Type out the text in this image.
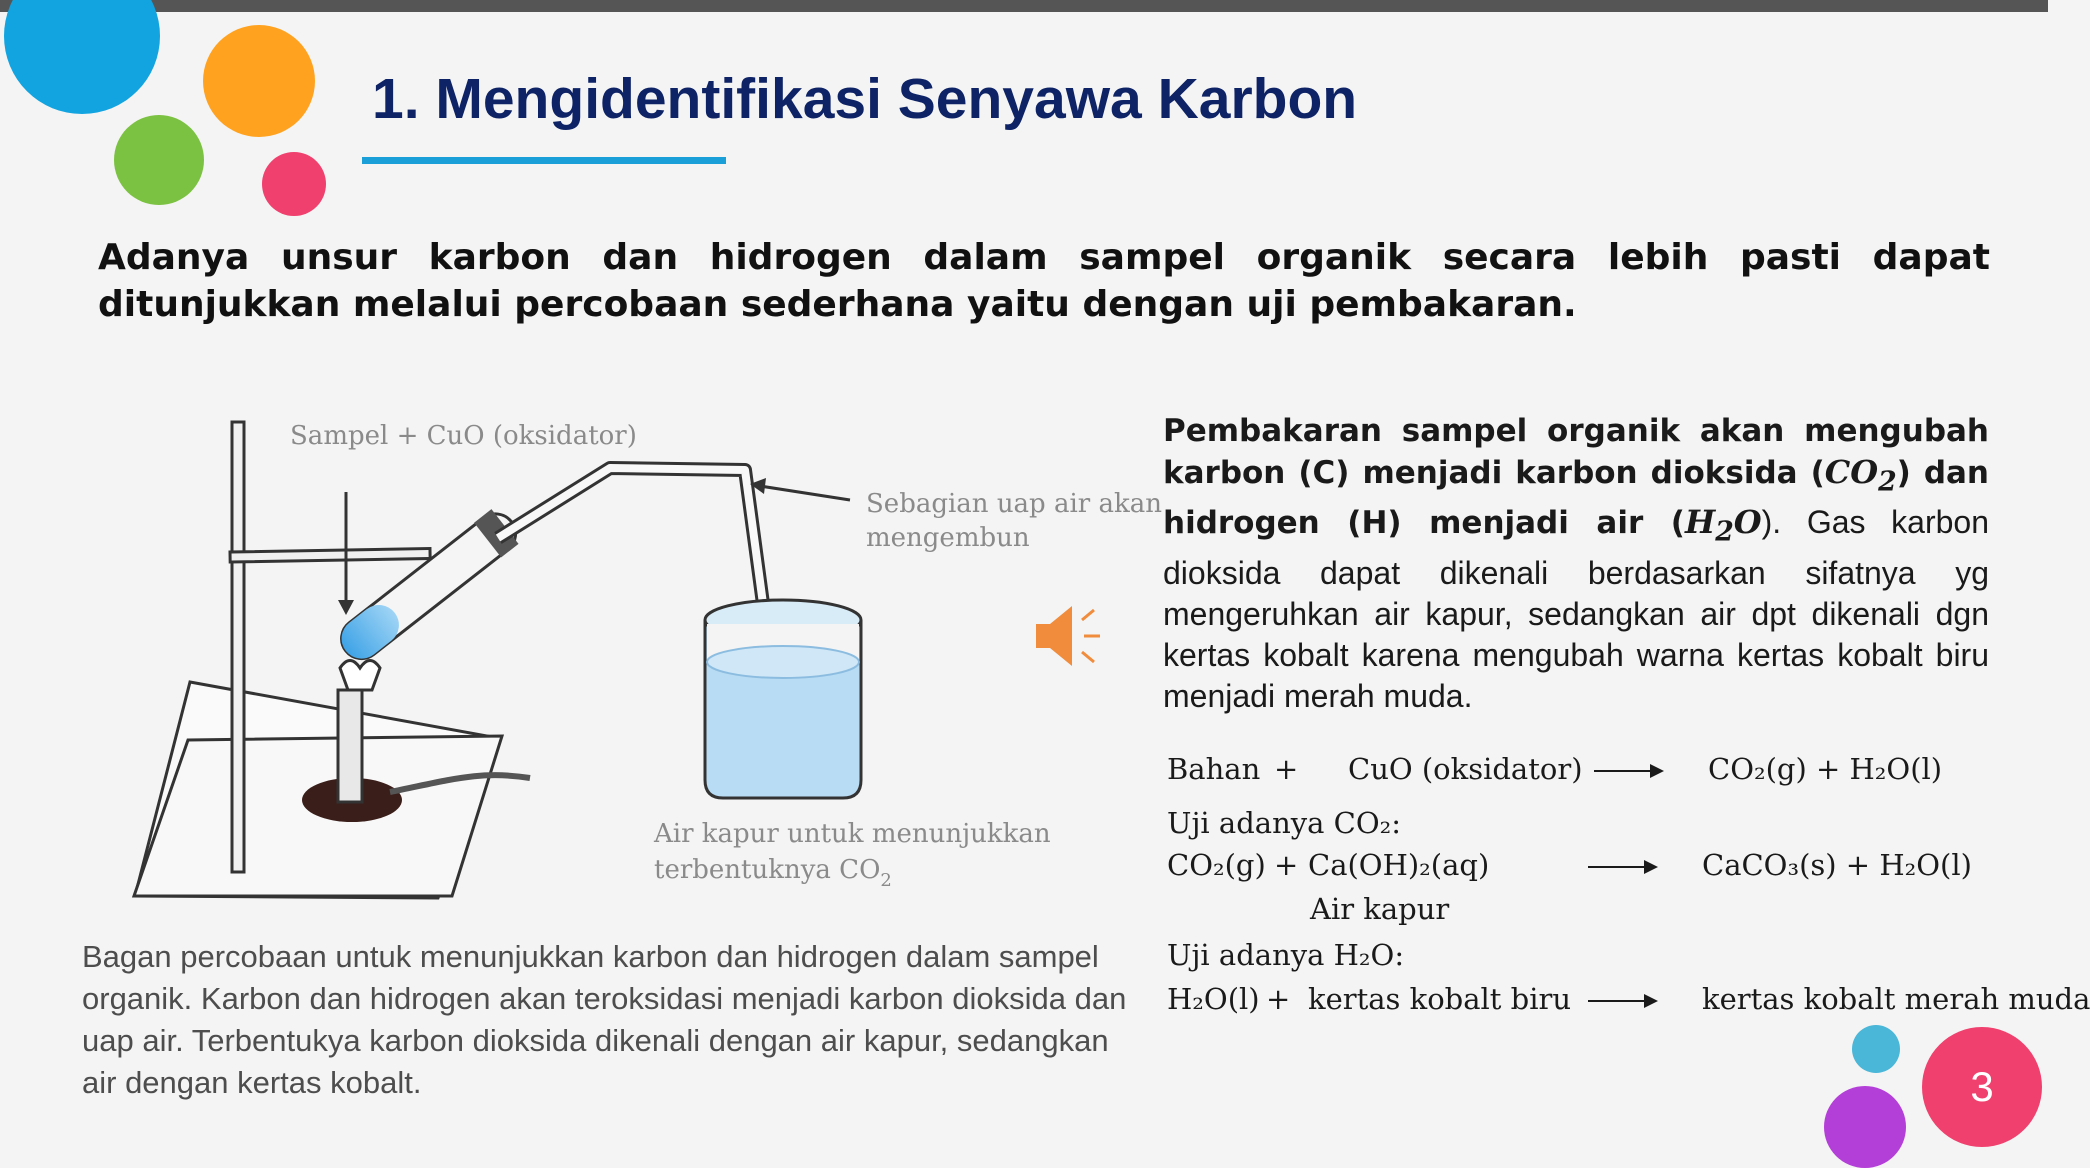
1. Mengidentifikasi Senyawa Karbon
Adanya unsur karbon dan hidrogen dalam sampel organik secara lebih pasti dapat ditunjukkan melalui percobaan sederhana yaitu dengan uji pembakaran.
Sampel + CuO (oksidator)
Sebagian uap air akan
mengembun
Air kapur untuk menunjukkan
terbentuknya $CO_2$
Bagan percobaan untuk menunjukkan karbon dan hidrogen dalam sampel organik. Karbon dan hidrogen akan teroksidasi menjadi karbon dioksida dan uap air. Terbentukya karbon dioksida dikenali dengan air kapur, sedangkan air dengan kertas kobalt.
Pembakaran sampel organik akan mengubah karbon (C) menjadi karbon dioksida $(CO_2)$ dan hidrogen (H) menjadi air $(H_2O)$. Gas karbon dioksida dapat dikenali berdasarkan sifatnya yg mengeruhkan air kapur, sedangkan air dpt dikenali dgn kertas kobalt karena mengubah warna kertas kobalt biru menjadi merah muda.
Bahan + CuO (oksidator)	CO₂(g) + H₂O(l)
Uji adanya CO₂:
CO₂(g) + Ca(OH)₂(aq)	CaCO₃(s) + H₂O(l)
Air kapur
Uji adanya H₂O:
H₂O(l) + kertas kobalt biru	kertas kobalt merah muda
3
